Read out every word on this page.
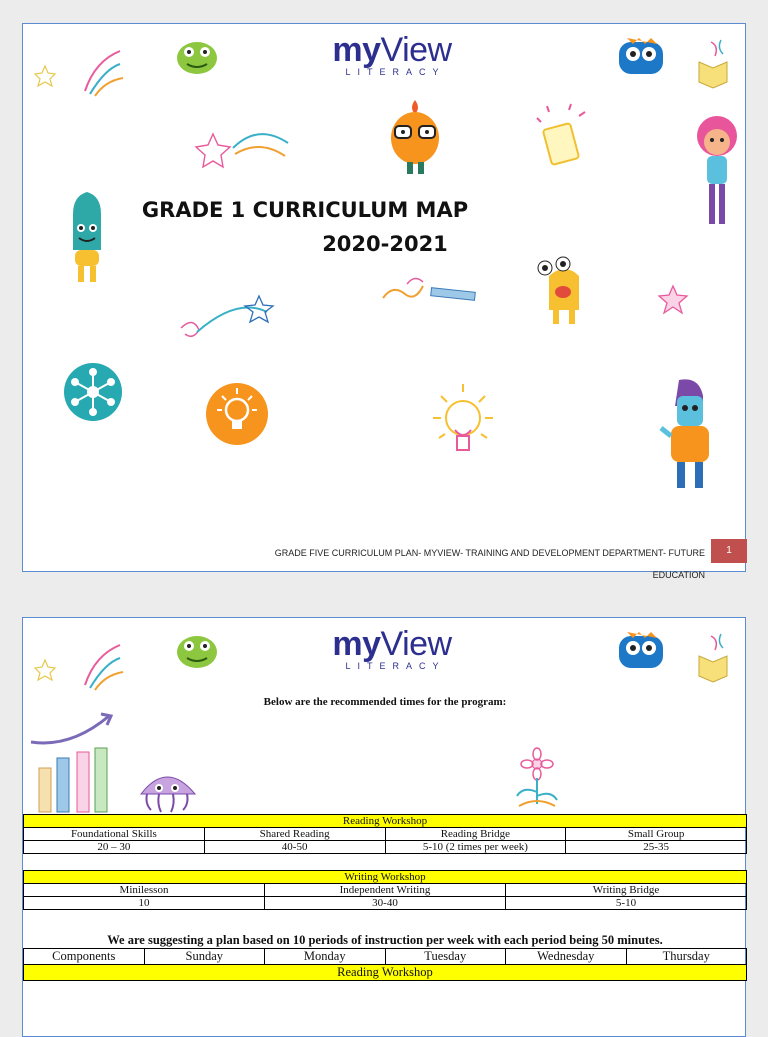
myView
LITERACY
GRADE 1 CURRICULUM MAP
2020-2021
GRADE FIVE CURRICULUM PLAN- MYVIEW- TRAINING AND DEVELOPMENT DEPARTMENT- FUTURE EDUCATION
1
myView
LITERACY
Below are the recommended times for the program:
Reading Workshop			
Foundational Skills	Shared Reading	Reading Bridge	Small Group
20 – 30	40-50	5-10 (2 times per week)	25-35
Writing Workshop		
Minilesson	Independent Writing	Writing Bridge
10	30-40	5-10
We are suggesting a plan based on 10 periods of instruction per week with each period being 50 minutes.
Components	Sunday	Monday	Tuesday	Wednesday	Thursday
Reading Workshop
